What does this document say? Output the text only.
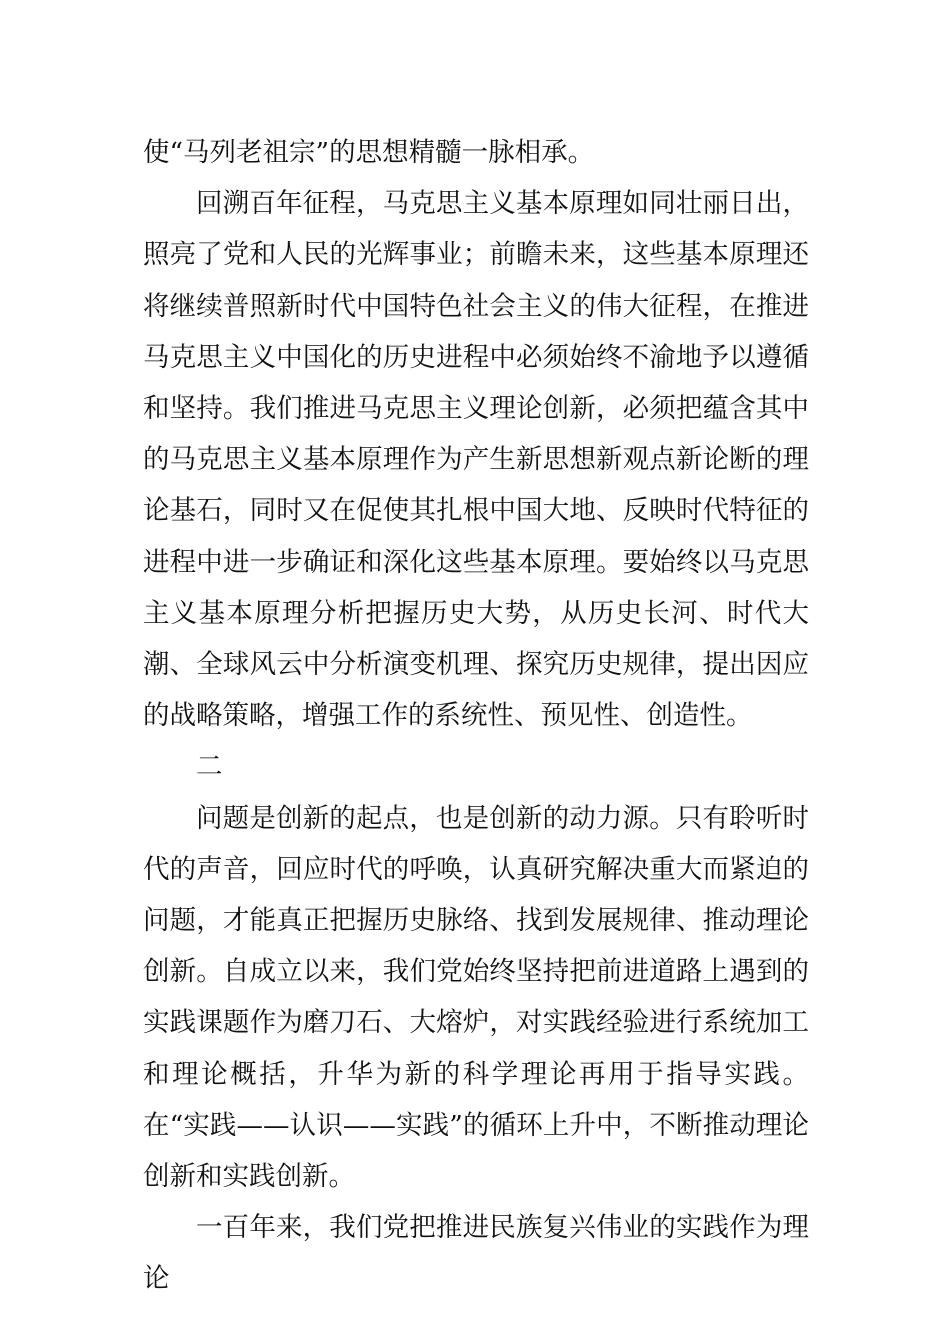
使“马列老祖宗”的思想精髓一脉相承。

回溯百年征程，马克思主义基本原理如同壮丽日出，照亮了党和人民的光辉事业；前瞻未来，这些基本原理还将继续普照新时代中国特色社会主义的伟大征程，在推进马克思主义中国化的历史进程中必须始终不渝地予以遵循和坚持。我们推进马克思主义理论创新，必须把蕴含其中的马克思主义基本原理作为产生新思想新观点新论断的理论基石，同时又在促使其扎根中国大地、反映时代特征的进程中进一步确证和深化这些基本原理。要始终以马克思主义基本原理分析把握历史大势，从历史长河、时代大潮、全球风云中分析演变机理、探究历史规律，提出因应的战略策略，增强工作的系统性、预见性、创造性。

二

问题是创新的起点，也是创新的动力源。只有聆听时代的声音，回应时代的呼唤，认真研究解决重大而紧迫的问题，才能真正把握历史脉络、找到发展规律、推动理论创新。自成立以来，我们党始终坚持把前进道路上遇到的实践课题作为磨刀石、大熔炉，对实践经验进行系统加工和理论概括，升华为新的科学理论再用于指导实践。在“实践——认识——实践”的循环上升中，不断推动理论创新和实践创新。

一百年来，我们党把推进民族复兴伟业的实践作为理论
